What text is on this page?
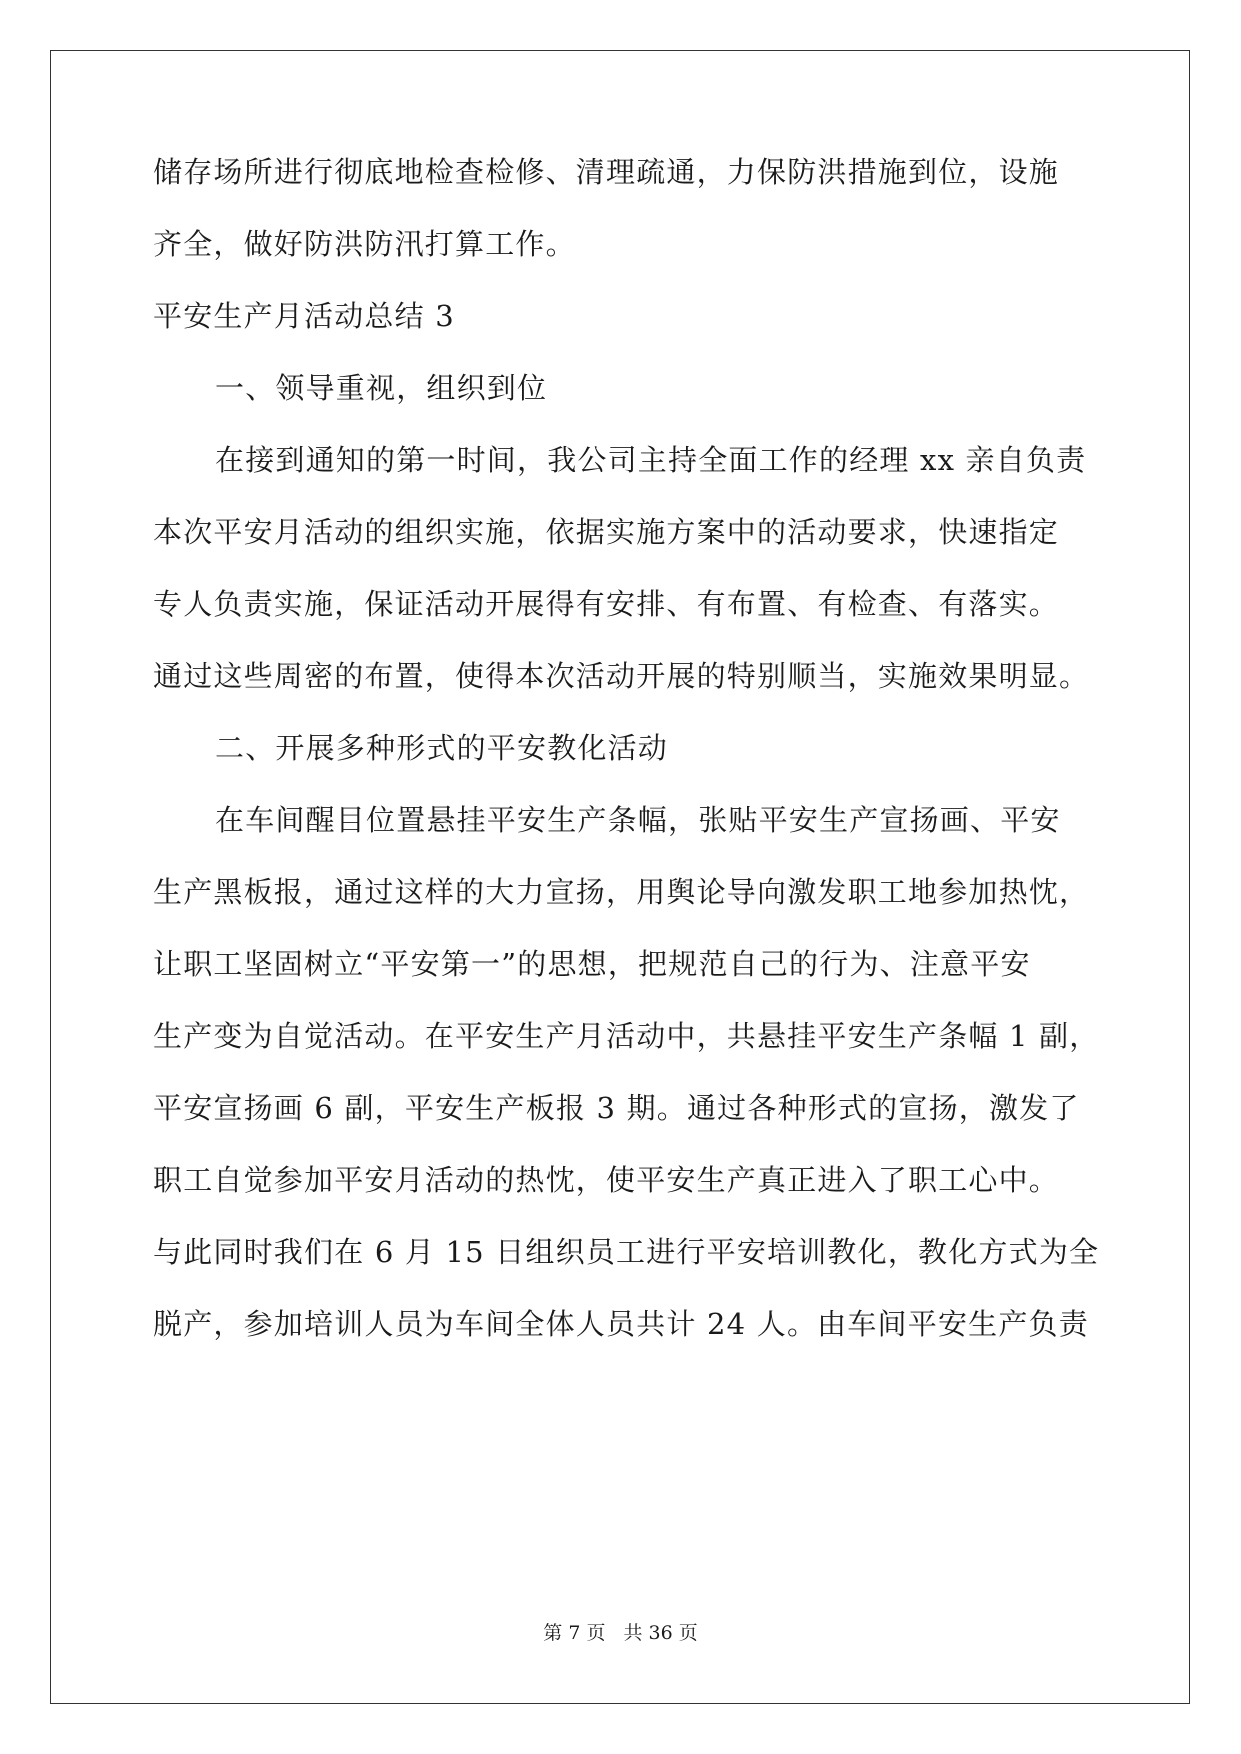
储存场所进行彻底地检查检修、清理疏通，力保防洪措施到位，设施
齐全，做好防洪防汛打算工作。
平安生产月活动总结 3
一、领导重视，组织到位
在接到通知的第一时间，我公司主持全面工作的经理 xx 亲自负责
本次平安月活动的组织实施，依据实施方案中的活动要求，快速指定
专人负责实施，保证活动开展得有安排、有布置、有检查、有落实。
通过这些周密的布置，使得本次活动开展的特别顺当，实施效果明显。
二、开展多种形式的平安教化活动
在车间醒目位置悬挂平安生产条幅，张贴平安生产宣扬画、平安
生产黑板报，通过这样的大力宣扬，用舆论导向激发职工地参加热忱，
让职工坚固树立“平安第一”的思想，把规范自己的行为、注意平安
生产变为自觉活动。在平安生产月活动中，共悬挂平安生产条幅 1 副，
平安宣扬画 6 副，平安生产板报 3 期。通过各种形式的宣扬，激发了
职工自觉参加平安月活动的热忱，使平安生产真正进入了职工心中。
与此同时我们在 6 月 15 日组织员工进行平安培训教化，教化方式为全
脱产，参加培训人员为车间全体人员共计 24 人。由车间平安生产负责
第 7 页 共 36 页
